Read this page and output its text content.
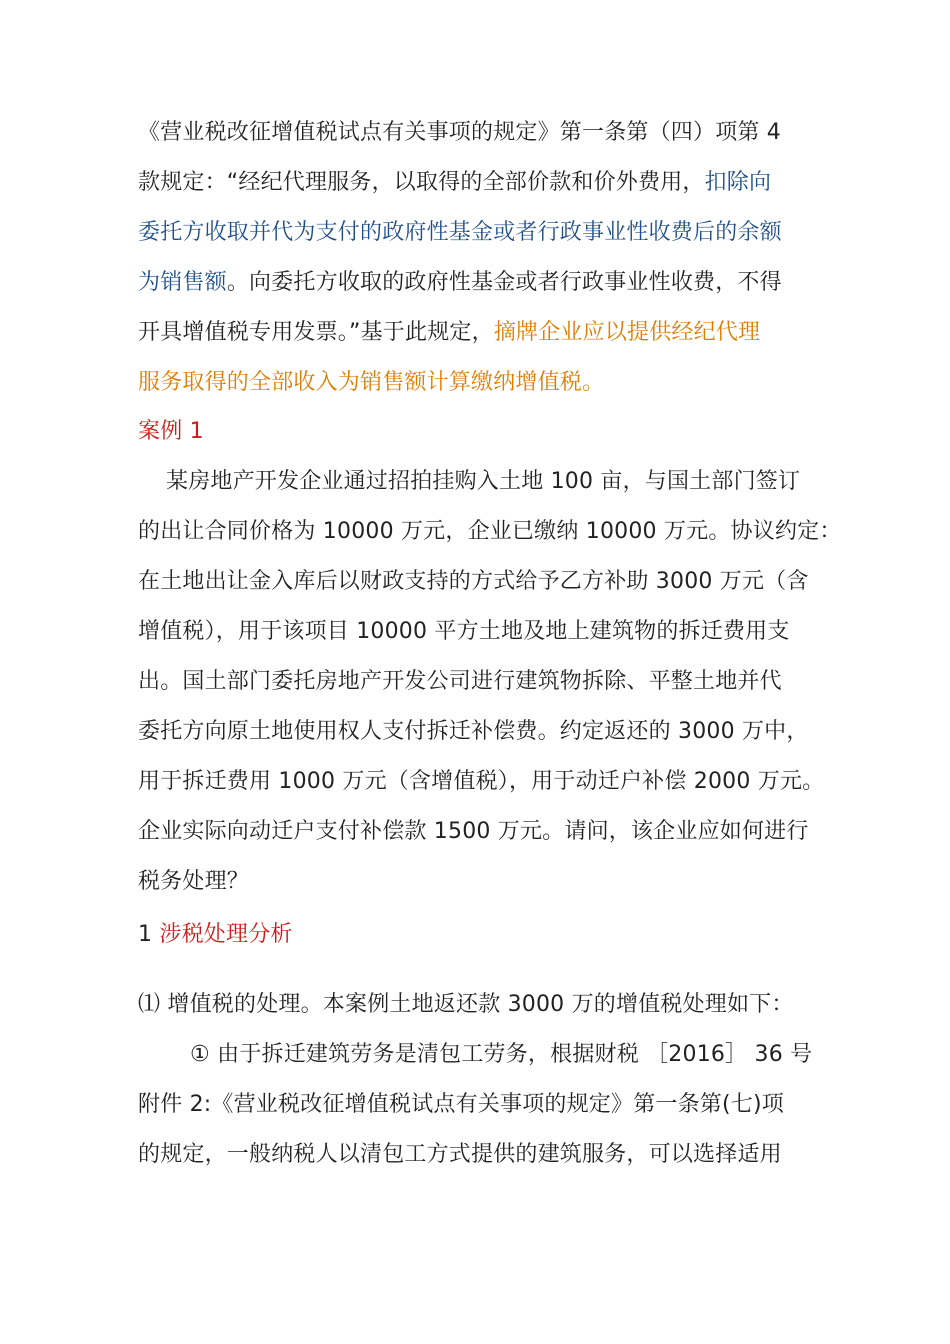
《营业税改征增值税试点有关事项的规定》第一条第（四）项第 4
款规定：“经纪代理服务，以取得的全部价款和价外费用，扣除向
委托方收取并代为支付的政府性基金或者行政事业性收费后的余额
为销售额。向委托方收取的政府性基金或者行政事业性收费，不得
开具增值税专用发票。”基于此规定，摘牌企业应以提供经纪代理
服务取得的全部收入为销售额计算缴纳增值税。
案例 1
某房地产开发企业通过招拍挂购入土地 100 亩，与国土部门签订
的出让合同价格为 10000 万元，企业已缴纳 10000 万元。协议约定：
在土地出让金入库后以财政支持的方式给予乙方补助 3000 万元（含
增值税），用于该项目 10000 平方土地及地上建筑物的拆迁费用支
出。国土部门委托房地产开发公司进行建筑物拆除、平整土地并代
委托方向原土地使用权人支付拆迁补偿费。约定返还的 3000 万中，
用于拆迁费用 1000 万元（含增值税），用于动迁户补偿 2000 万元。
企业实际向动迁户支付补偿款 1500 万元。请问，该企业应如何进行
税务处理？
1 涉税处理分析
⑴ 增值税的处理。本案例土地返还款 3000 万的增值税处理如下：
① 由于拆迁建筑劳务是清包工劳务，根据财税 ［2016］ 36 号
附件 2:《营业税改征增值税试点有关事项的规定》第一条第(七)项
的规定，一般纳税人以清包工方式提供的建筑服务，可以选择适用
